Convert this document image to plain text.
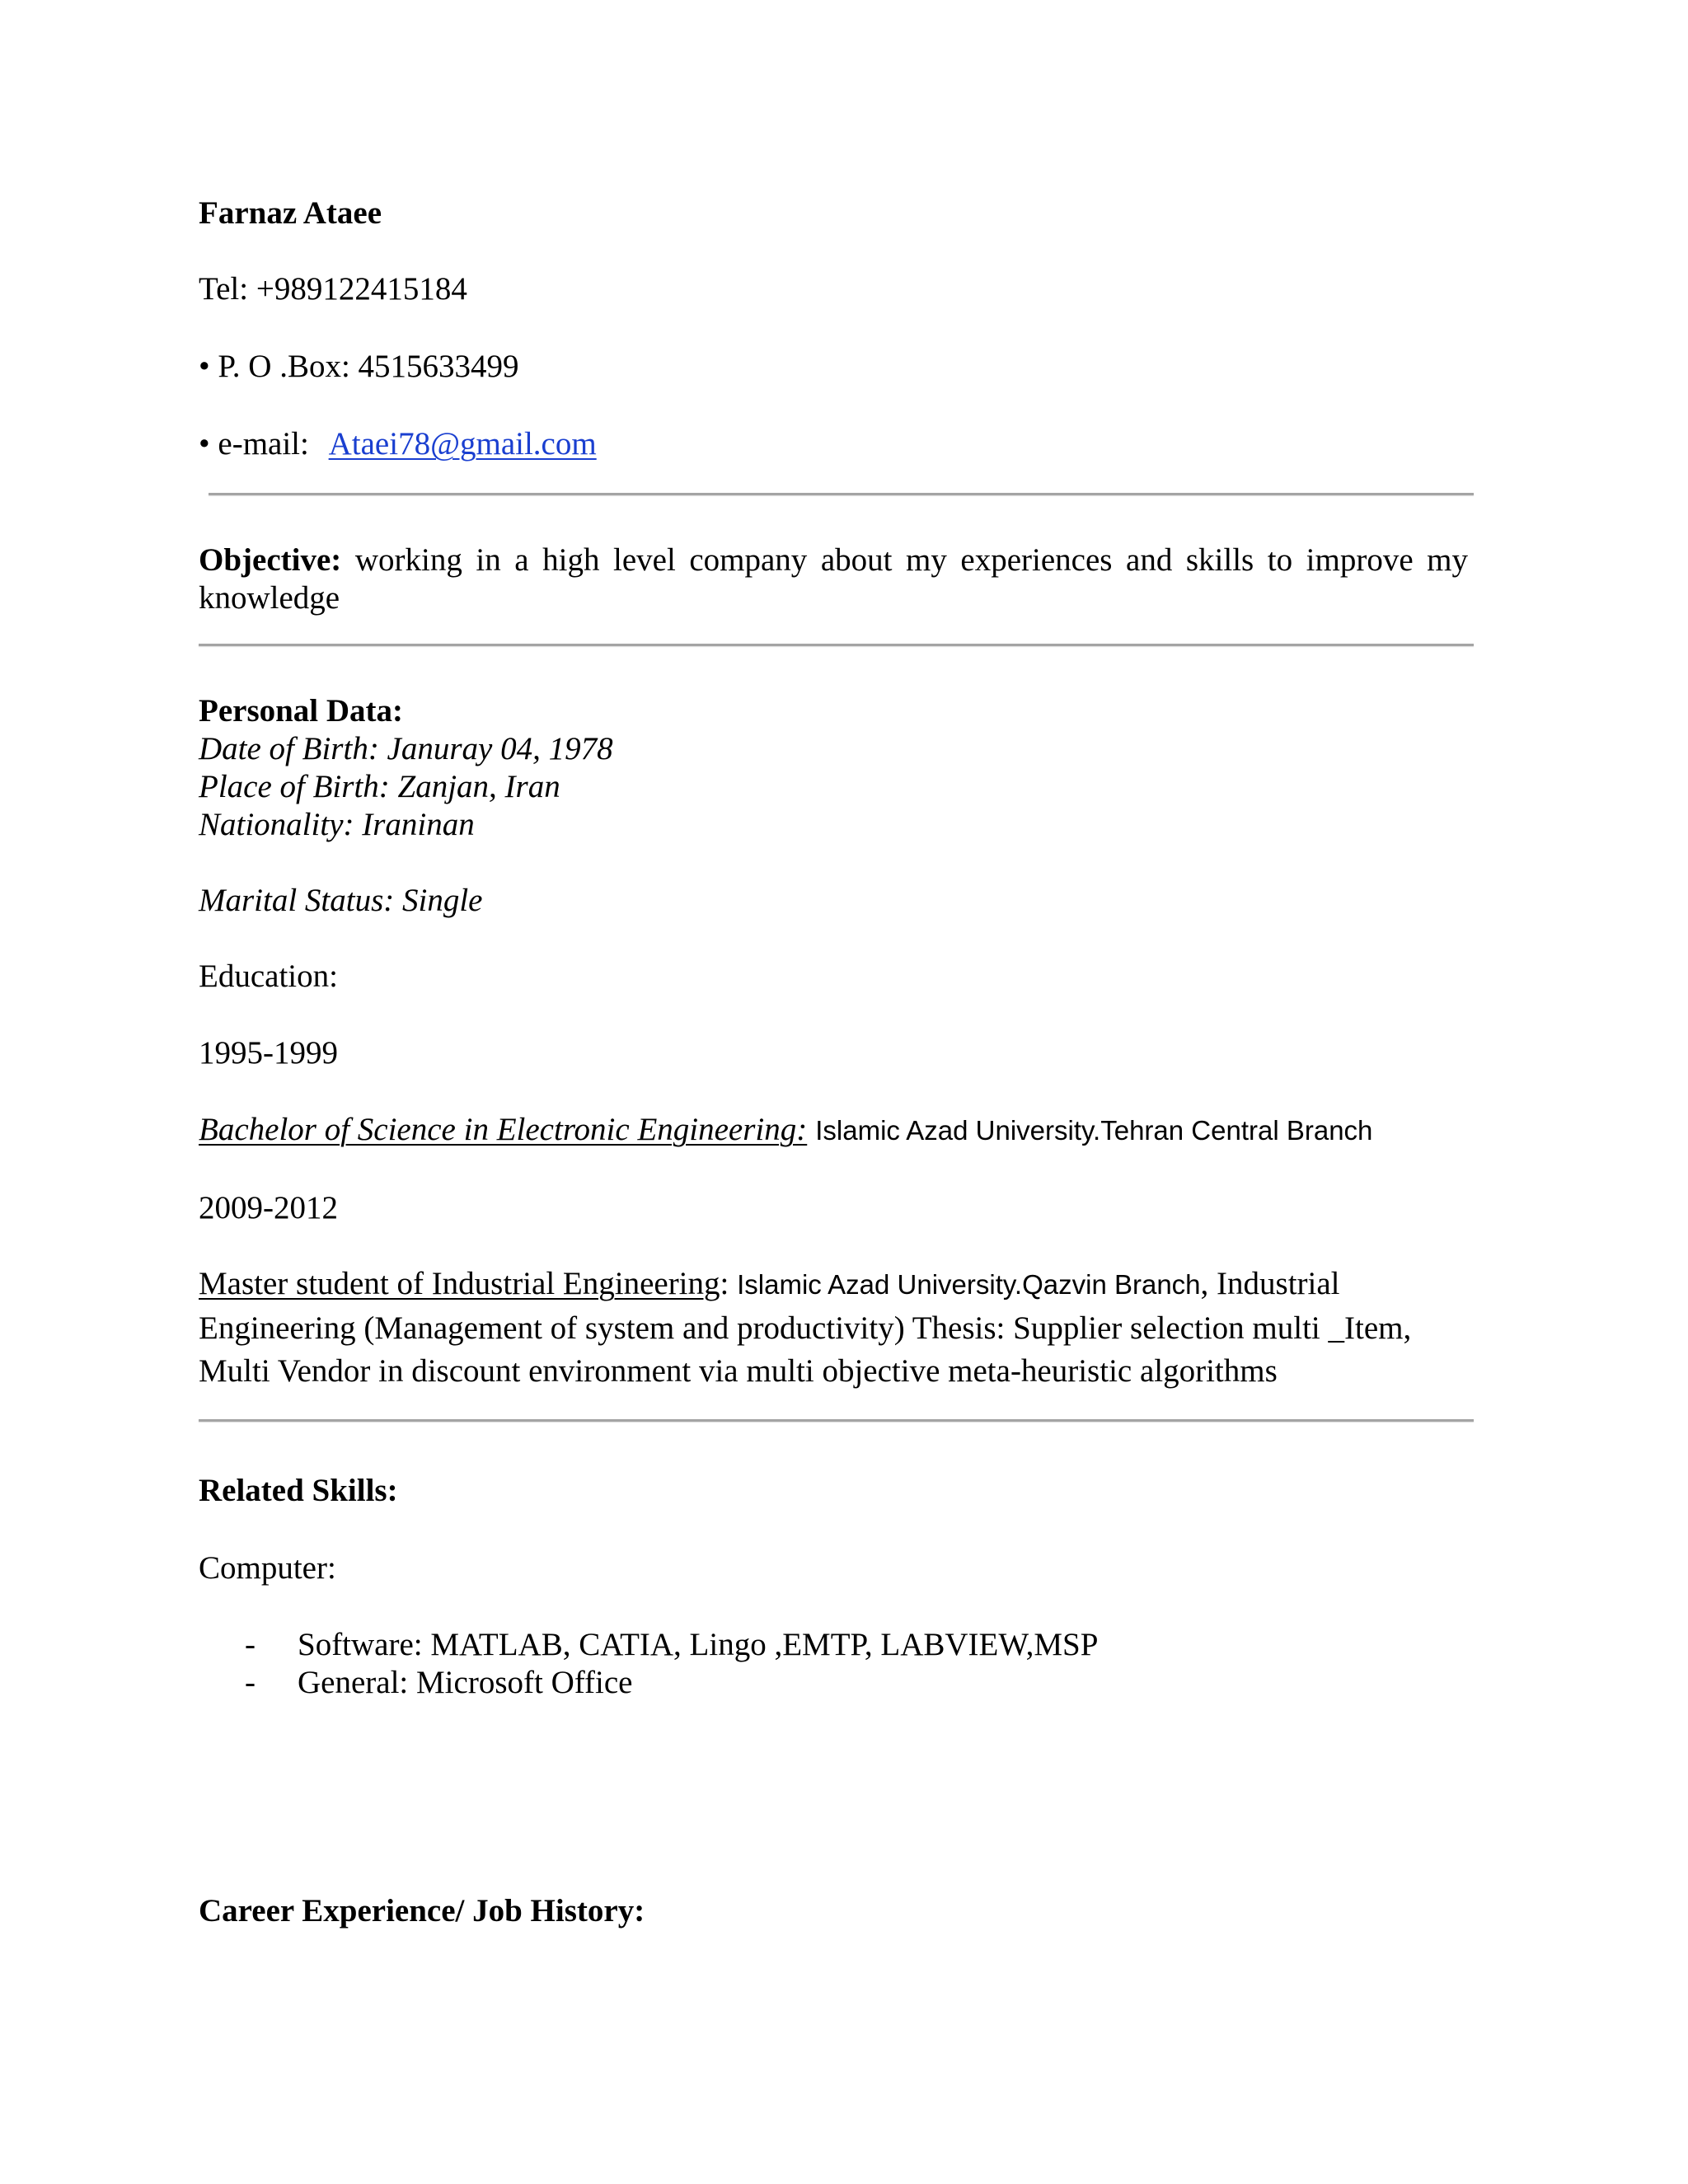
Farnaz Ataee
Tel: +989122415184
• P. O .Box: 4515633499
• e-mail: Ataei78@gmail.com
Objective: working in a high level company about my experiences and skills to improve my knowledge
Personal Data:
Date of Birth: Januray 04, 1978
Place of Birth: Zanjan, Iran
Nationality: Iraninan
Marital Status: Single
Education:
1995-1999
Bachelor of Science in Electronic Engineering: Islamic Azad University.Tehran Central Branch
2009-2012
Master student of Industrial Engineering: Islamic Azad University.Qazvin Branch, Industrial
Engineering (Management of system and productivity) Thesis: Supplier selection multi _Item,
Multi Vendor in discount environment via multi objective meta-heuristic algorithms
Related Skills:
Computer:
- Software: MATLAB, CATIA, Lingo ,EMTP, LABVIEW,MSP
- General: Microsoft Office
Career Experience/ Job History:
